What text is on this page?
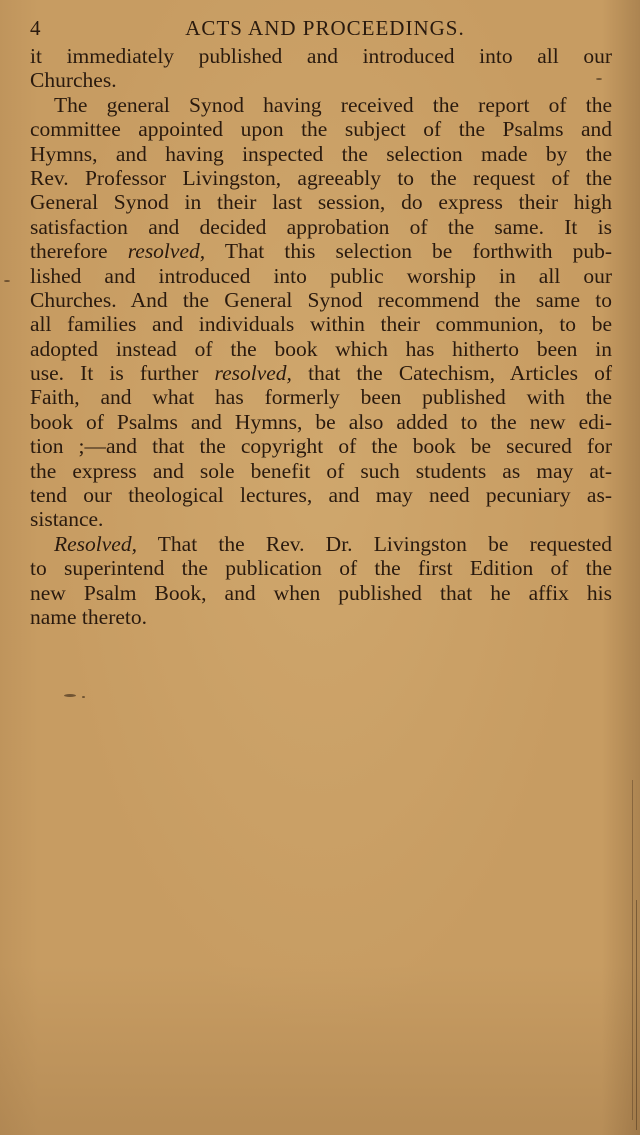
4	ACTS AND PROCEEDINGS.
it immediately published and introduced into all our
Churches.
The general Synod having received the report of the
committee appointed upon the subject of the Psalms and
Hymns, and having inspected the selection made by the
Rev. Professor Livingston, agreeably to the request of the
General Synod in their last session, do express their high
satisfaction and decided approbation of the same. It is
therefore resolved, That this selection be forthwith pub-
lished and introduced into public worship in all our
Churches. And the General Synod recommend the same to
all families and individuals within their communion, to be
adopted instead of the book which has hitherto been in
use. It is further resolved, that the Catechism, Articles of
Faith, and what has formerly been published with the
book of Psalms and Hymns, be also added to the new edi-
tion ;—and that the copyright of the book be secured for
the express and sole benefit of such students as may at-
tend our theological lectures, and may need pecuniary as-
sistance.
Resolved, That the Rev. Dr. Livingston be requested
to superintend the publication of the first Edition of the
new Psalm Book, and when published that he affix his
name thereto.
